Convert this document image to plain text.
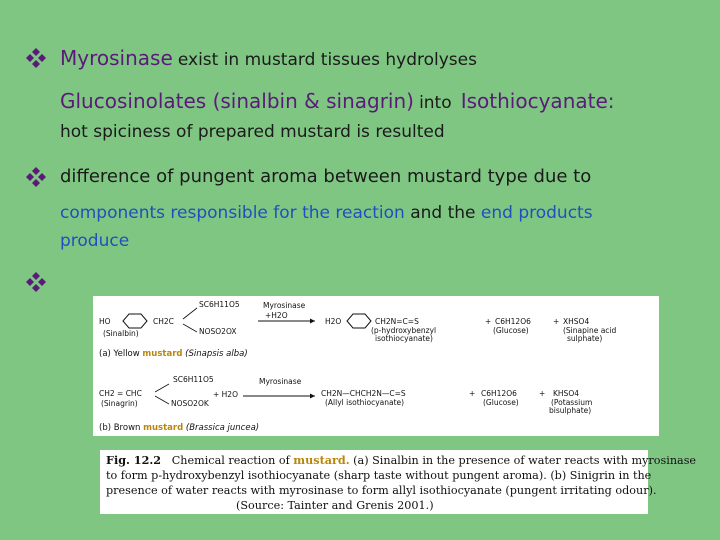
Myrosinase exist in mustard tissues hydrolyses
Glucosinolates (sinalbin & sinagrin) into Isothiocyanate:
hot spiciness of prepared mustard is resulted
difference of pungent aroma between mustard type due to
components responsible for the reaction and the end products
produce
SC6H11O5	Myrosinase
+H2O
HO	CH2C
NOSO2OX
(Sinalbin)
H2O	CH2N=C=S
(p-hydroxybenzyl
isothiocyanate)
+ C6H12O6
(Glucose)
+ XHSO4
(Sinapine acid
sulphate)
(a) Yellow mustard (Sinapsis alba)
SC6H11O5	Myrosinase
CH2 = CHC	+ H2O
(Sinagrin)	NOSO2OK
CH2N—CHCH2N—C=S
(Allyl isothiocyanate)
+ C6H12O6
(Glucose)
+ KHSO4
(Potassium
bisulphate)
(b) Brown mustard (Brassica juncea)
Fig. 12.2 Chemical reaction of mustard. (a) Sinalbin in the presence of water reacts with myrosinase
to form p-hydroxybenzyl isothiocyanate (sharp taste without pungent aroma). (b) Sinigrin in the
presence of water reacts with myrosinase to form allyl isothiocyanate (pungent irritating odour).
(Source: Tainter and Grenis 2001.)
